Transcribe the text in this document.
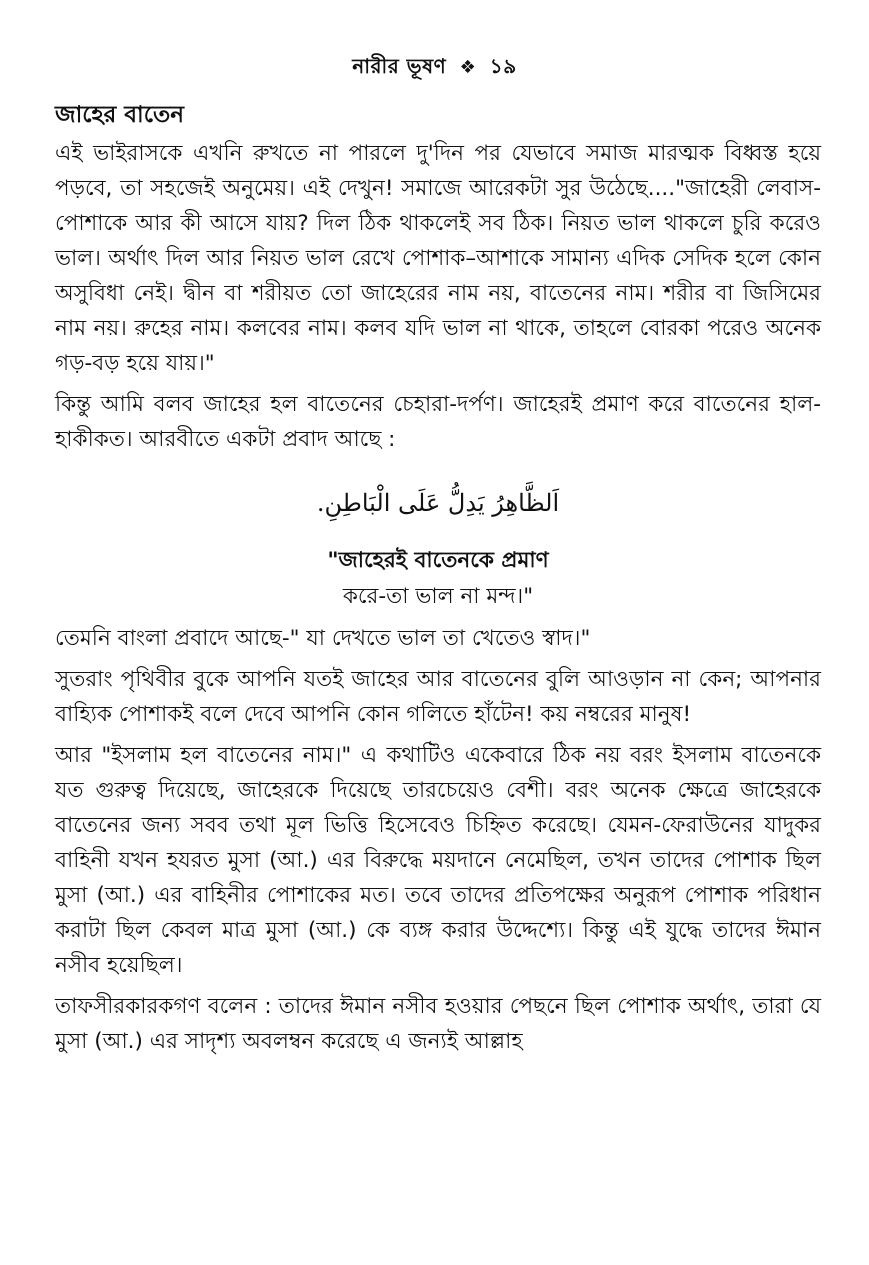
নারীর ভূষণ ❖ ১৯
জাহের বাতেন

এই ভাইরাসকে এখনি রুখতে না পারলে দু'দিন পর যেভাবে সমাজ মারত্মক বিধ্বস্ত হয়ে পড়বে, তা সহজেই অনুমেয়। এই দেখুন! সমাজে আরেকটা সুর উঠেছে...."জাহেরী লেবাস-পোশাকে আর কী আসে যায়? দিল ঠিক থাকলেই সব ঠিক। নিয়ত ভাল থাকলে চুরি করেও ভাল। অর্থাৎ দিল আর নিয়ত ভাল রেখে পোশাক–আশাকে সামান্য এদিক সেদিক হলে কোন অসুবিধা নেই। দ্বীন বা শরীয়ত তো জাহেরের নাম নয়, বাতেনের নাম। শরীর বা জিসিমের নাম নয়। রুহের নাম। কলবের নাম। কলব যদি ভাল না থাকে, তাহলে বোরকা পরেও অনেক গড়-বড় হয়ে যায়।"

কিন্তু আমি বলব জাহের হল বাতেনের চেহারা-দর্পণ। জাহেরই প্রমাণ করে বাতেনের হাল-হাকীকত। আরবীতে একটা প্রবাদ আছে :

اَلظَّاهِرُ يَدِلُّ عَلَى الْبَاطِنِ.
"জাহেরই বাতেনকে প্রমাণ
করে-তা ভাল না মন্দ।"

তেমনি বাংলা প্রবাদে আছে-" যা দেখতে ভাল তা খেতেও স্বাদ।"

সুতরাং পৃথিবীর বুকে আপনি যতই জাহের আর বাতেনের বুলি আওড়ান না কেন; আপনার বাহ্যিক পোশাকই বলে দেবে আপনি কোন গলিতে হাঁটেন! কয় নম্বরের মানুষ!

আর "ইসলাম হল বাতেনের নাম।" এ কথাটিও একেবারে ঠিক নয় বরং ইসলাম বাতেনকে যত গুরুত্ব দিয়েছে, জাহেরকে দিয়েছে তারচেয়েও বেশী। বরং অনেক ক্ষেত্রে জাহেরকে বাতেনের জন্য সবব তথা মূল ভিত্তি হিসেবেও চিহ্নিত করেছে। যেমন-ফেরাউনের যাদুকর বাহিনী যখন হযরত মুসা (আ.) এর বিরুদ্ধে ময়দানে নেমেছিল, তখন তাদের পোশাক ছিল মুসা (আ.) এর বাহিনীর পোশাকের মত। তবে তাদের প্রতিপক্ষের অনুরূপ পোশাক পরিধান করাটা ছিল কেবল মাত্র মুসা (আ.) কে ব্যঙ্গ করার উদ্দেশ্যে। কিন্তু এই যুদ্ধে তাদের ঈমান নসীব হয়েছিল।

তাফসীরকারকগণ বলেন : তাদের ঈমান নসীব হওয়ার পেছনে ছিল পোশাক অর্থাৎ, তারা যে মুসা (আ.) এর সাদৃশ্য অবলম্বন করেছে এ জন্যই আল্লাহ
